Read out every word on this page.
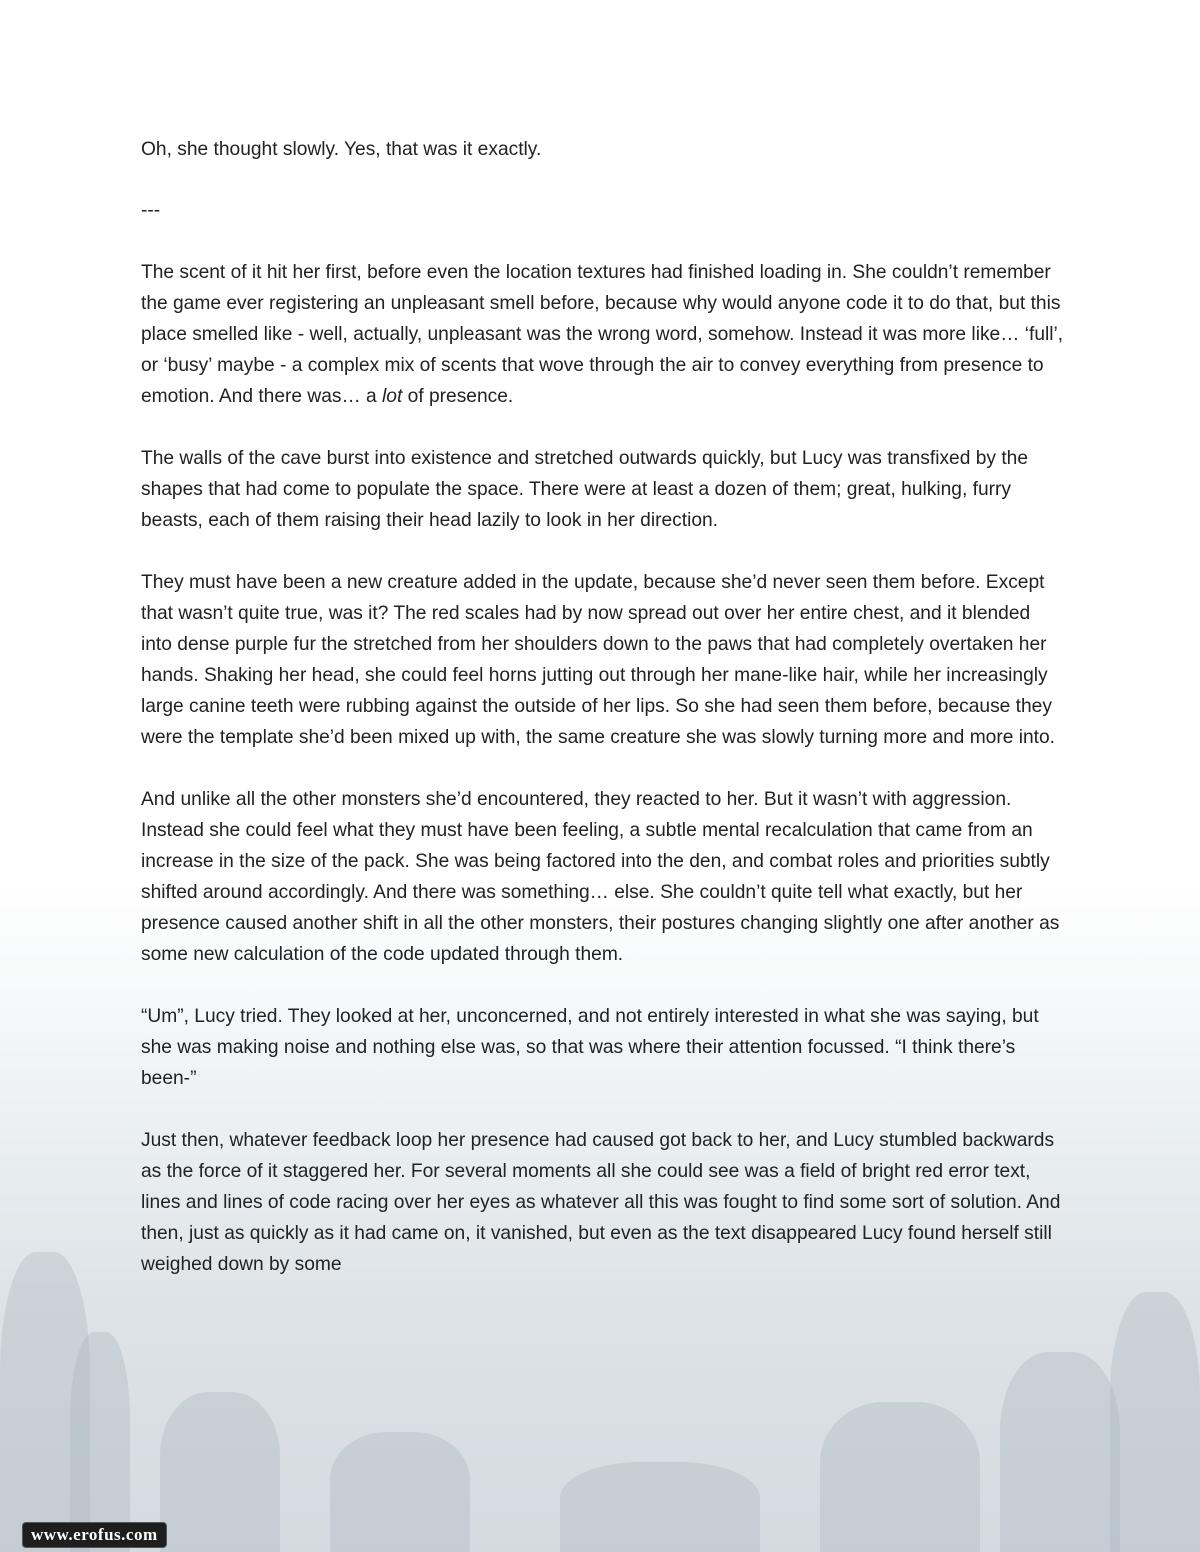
Oh, she thought slowly. Yes, that was it exactly.

---

The scent of it hit her first, before even the location textures had finished loading in. She couldn’t remember the game ever registering an unpleasant smell before, because why would anyone code it to do that, but this place smelled like - well, actually, unpleasant was the wrong word, somehow. Instead it was more like… ‘full’, or ‘busy’ maybe - a complex mix of scents that wove through the air to convey everything from presence to emotion. And there was… a lot of presence.

The walls of the cave burst into existence and stretched outwards quickly, but Lucy was transfixed by the shapes that had come to populate the space. There were at least a dozen of them; great, hulking, furry beasts, each of them raising their head lazily to look in her direction.

They must have been a new creature added in the update, because she’d never seen them before. Except that wasn’t quite true, was it? The red scales had by now spread out over her entire chest, and it blended into dense purple fur the stretched from her shoulders down to the paws that had completely overtaken her hands. Shaking her head, she could feel horns jutting out through her mane-like hair, while her increasingly large canine teeth were rubbing against the outside of her lips. So she had seen them before, because they were the template she’d been mixed up with, the same creature she was slowly turning more and more into.

And unlike all the other monsters she’d encountered, they reacted to her. But it wasn’t with aggression. Instead she could feel what they must have been feeling, a subtle mental recalculation that came from an increase in the size of the pack. She was being factored into the den, and combat roles and priorities subtly shifted around accordingly. And there was something… else. She couldn’t quite tell what exactly, but her presence caused another shift in all the other monsters, their postures changing slightly one after another as some new calculation of the code updated through them.

“Um”, Lucy tried. They looked at her, unconcerned, and not entirely interested in what she was saying, but she was making noise and nothing else was, so that was where their attention focussed. “I think there’s been-”

Just then, whatever feedback loop her presence had caused got back to her, and Lucy stumbled backwards as the force of it staggered her. For several moments all she could see was a field of bright red error text, lines and lines of code racing over her eyes as whatever all this was fought to find some sort of solution. And then, just as quickly as it had came on, it vanished, but even as the text disappeared Lucy found herself still weighed down by some

www.erofus.com
